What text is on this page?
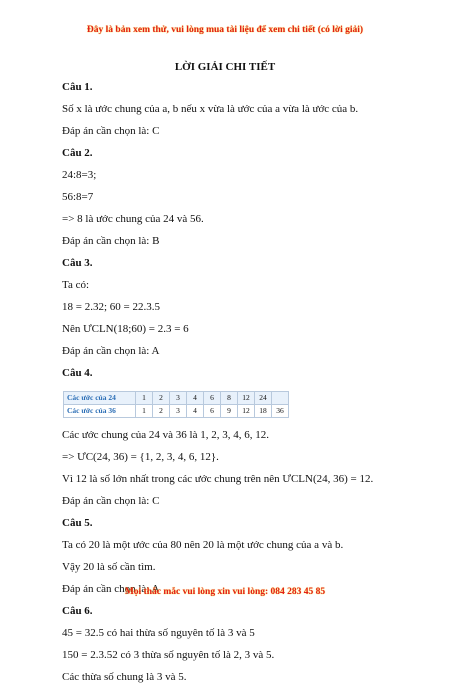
Đây là bản xem thử, vui lòng mua tài liệu để xem chi tiết (có lời giải)
LỜI GIẢI CHI TIẾT
Câu 1.
Số x là ước chung của a, b nếu x vừa là ước của a vừa là ước của b.
Đáp án cần chọn là: C
Câu 2.
24:8=3;
56:8=7
=> 8 là ước chung của 24 và 56.
Đáp án cần chọn là: B
Câu 3.
Ta có:
18 = 2.32; 60 = 22.3.5
Nên ƯCLN(18;60) = 2.3 = 6
Đáp án cần chọn là: A
Câu 4.
Các ước của 24	1	2	3	4	6	8	12	24	
Các ước của 36	1	2	3	4	6	9	12	18	36
Các ước chung của 24 và 36 là 1, 2, 3, 4, 6, 12.
=> ƯC(24, 36) = {1, 2, 3, 4, 6, 12}.
Vì 12 là số lớn nhất trong các ước chung trên nên ƯCLN(24, 36) = 12.
Đáp án cần chọn là: C
Câu 5.
Ta có 20 là một ước của 80 nên 20 là một ước chung của a và b.
Vậy 20 là số cần tìm.
Đáp án cần chọn là: A
Câu 6.
45 = 32.5 có hai thừa số nguyên tố là 3 và 5
150 = 2.3.52 có 3 thừa số nguyên tố là 2, 3 và 5.
Các thừa số chung là 3 và 5.
Mọi thắc mắc vui lòng xin vui lòng: 084 283 45 85
